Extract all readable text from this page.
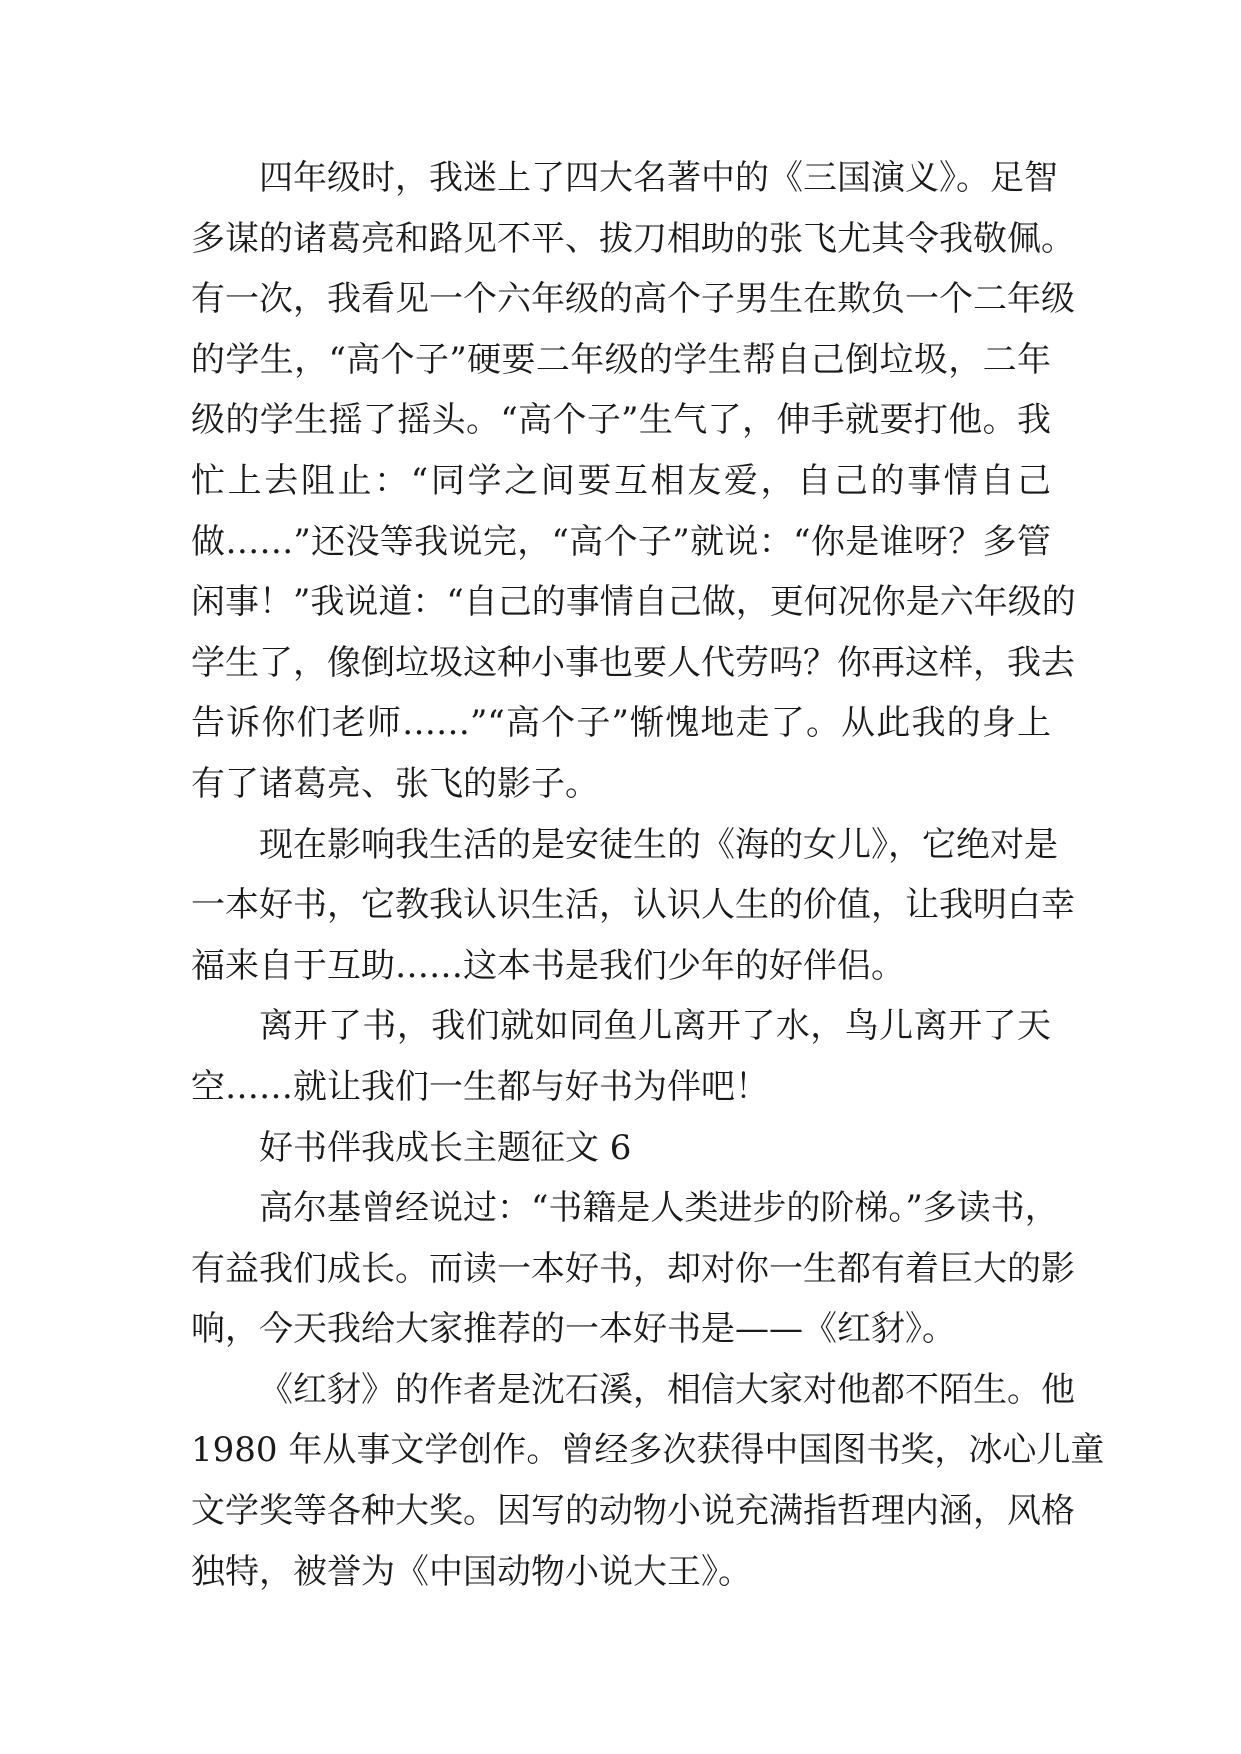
四年级时，我迷上了四大名著中的《三国演义》。足智
多谋的诸葛亮和路见不平、拔刀相助的张飞尤其令我敬佩。
有一次，我看见一个六年级的高个子男生在欺负一个二年级
的学生，“高个子”硬要二年级的学生帮自己倒垃圾，二年
级的学生摇了摇头。“高个子”生气了，伸手就要打他。我
忙上去阻止：“同学之间要互相友爱，自己的事情自己
做……”还没等我说完，“高个子”就说：“你是谁呀？多管
闲事！”我说道：“自己的事情自己做，更何况你是六年级的
学生了，像倒垃圾这种小事也要人代劳吗？你再这样，我去
告诉你们老师……”“高个子”惭愧地走了。从此我的身上
有了诸葛亮、张飞的影子。
现在影响我生活的是安徒生的《海的女儿》，它绝对是
一本好书，它教我认识生活，认识人生的价值，让我明白幸
福来自于互助……这本书是我们少年的好伴侣。
离开了书，我们就如同鱼儿离开了水，鸟儿离开了天
空……就让我们一生都与好书为伴吧！
好书伴我成长主题征文 6
高尔基曾经说过：“书籍是人类进步的阶梯。”多读书，
有益我们成长。而读一本好书，却对你一生都有着巨大的影
响，今天我给大家推荐的一本好书是——《红豺》。
《红豺》的作者是沈石溪，相信大家对他都不陌生。他
1980 年从事文学创作。曾经多次获得中国图书奖，冰心儿童
文学奖等各种大奖。因写的动物小说充满指哲理内涵，风格
独特，被誉为《中国动物小说大王》。
